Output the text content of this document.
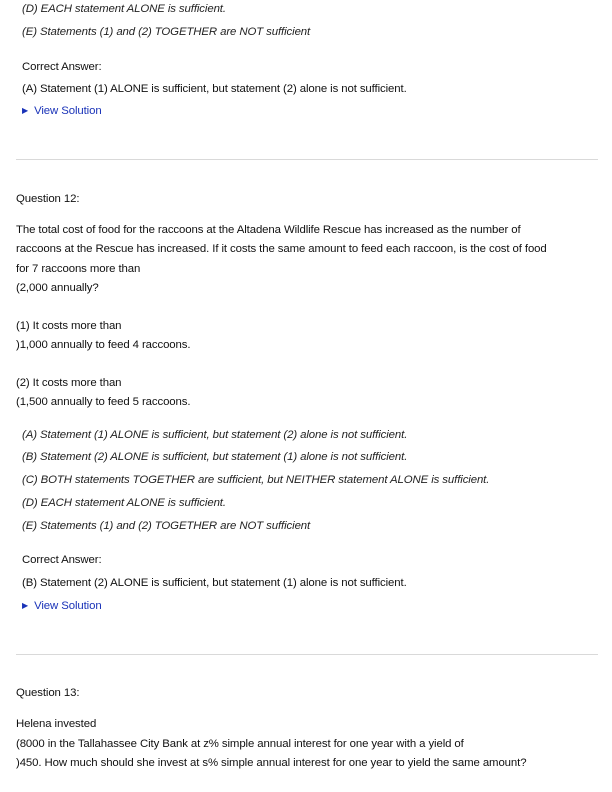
(D) EACH statement ALONE is sufficient.
(E) Statements (1) and (2) TOGETHER are NOT sufficient
Correct Answer:
(A) Statement (1) ALONE is sufficient, but statement (2) alone is not sufficient.
▶ View Solution
Question 12:
The total cost of food for the raccoons at the Altadena Wildlife Rescue has increased as the number of
raccoons at the Rescue has increased. If it costs the same amount to feed each raccoon, is the cost of food
for 7 raccoons more than
(2,000 annually?
(1) It costs more than
)1,000 annually to feed 4 raccoons.
(2) It costs more than
(1,500 annually to feed 5 raccoons.
(A) Statement (1) ALONE is sufficient, but statement (2) alone is not sufficient.
(B) Statement (2) ALONE is sufficient, but statement (1) alone is not sufficient.
(C) BOTH statements TOGETHER are sufficient, but NEITHER statement ALONE is sufficient.
(D) EACH statement ALONE is sufficient.
(E) Statements (1) and (2) TOGETHER are NOT sufficient
Correct Answer:
(B) Statement (2) ALONE is sufficient, but statement (1) alone is not sufficient.
▶ View Solution
Question 13:
Helena invested
(8000 in the Tallahassee City Bank at z% simple annual interest for one year with a yield of
)450. How much should she invest at s% simple annual interest for one year to yield the same amount?
